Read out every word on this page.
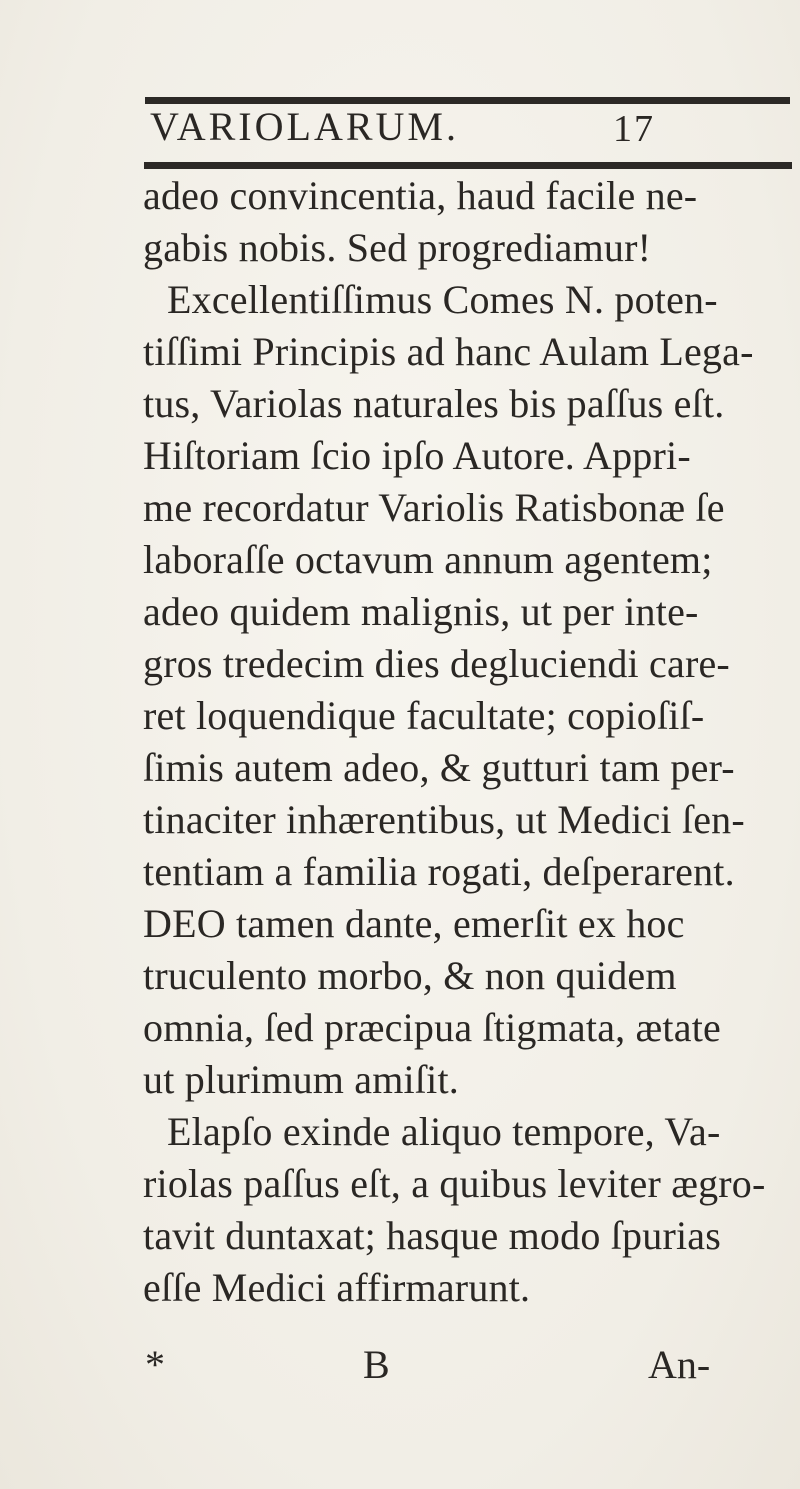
VARIOLARUM.	17
adeo convincentia, haud facile ne-
gabis nobis. Sed progrediamur!
Excellentiſſimus Comes N. poten-
tiſſimi Principis ad hanc Aulam Lega-
tus, Variolas naturales bis paſſus eſt.
Hiſtoriam ſcio ipſo Autore. Appri-
me recordatur Variolis Ratisbonæ ſe
laboraſſe octavum annum agentem;
adeo quidem malignis, ut per inte-
gros tredecim dies degluciendi care-
ret loquendique facultate; copioſiſ-
ſimis autem adeo, & gutturi tam per-
tinaciter inhærentibus, ut Medici ſen-
tentiam a familia rogati, deſperarent.
DEO tamen dante, emerſit ex hoc
truculento morbo, & non quidem
omnia, ſed præcipua ſtigmata, ætate
ut plurimum amiſit.
Elapſo exinde aliquo tempore, Va-
riolas paſſus eſt, a quibus leviter ægro-
tavit duntaxat; hasque modo ſpurias
eſſe Medici affirmarunt.
*	B	An-
